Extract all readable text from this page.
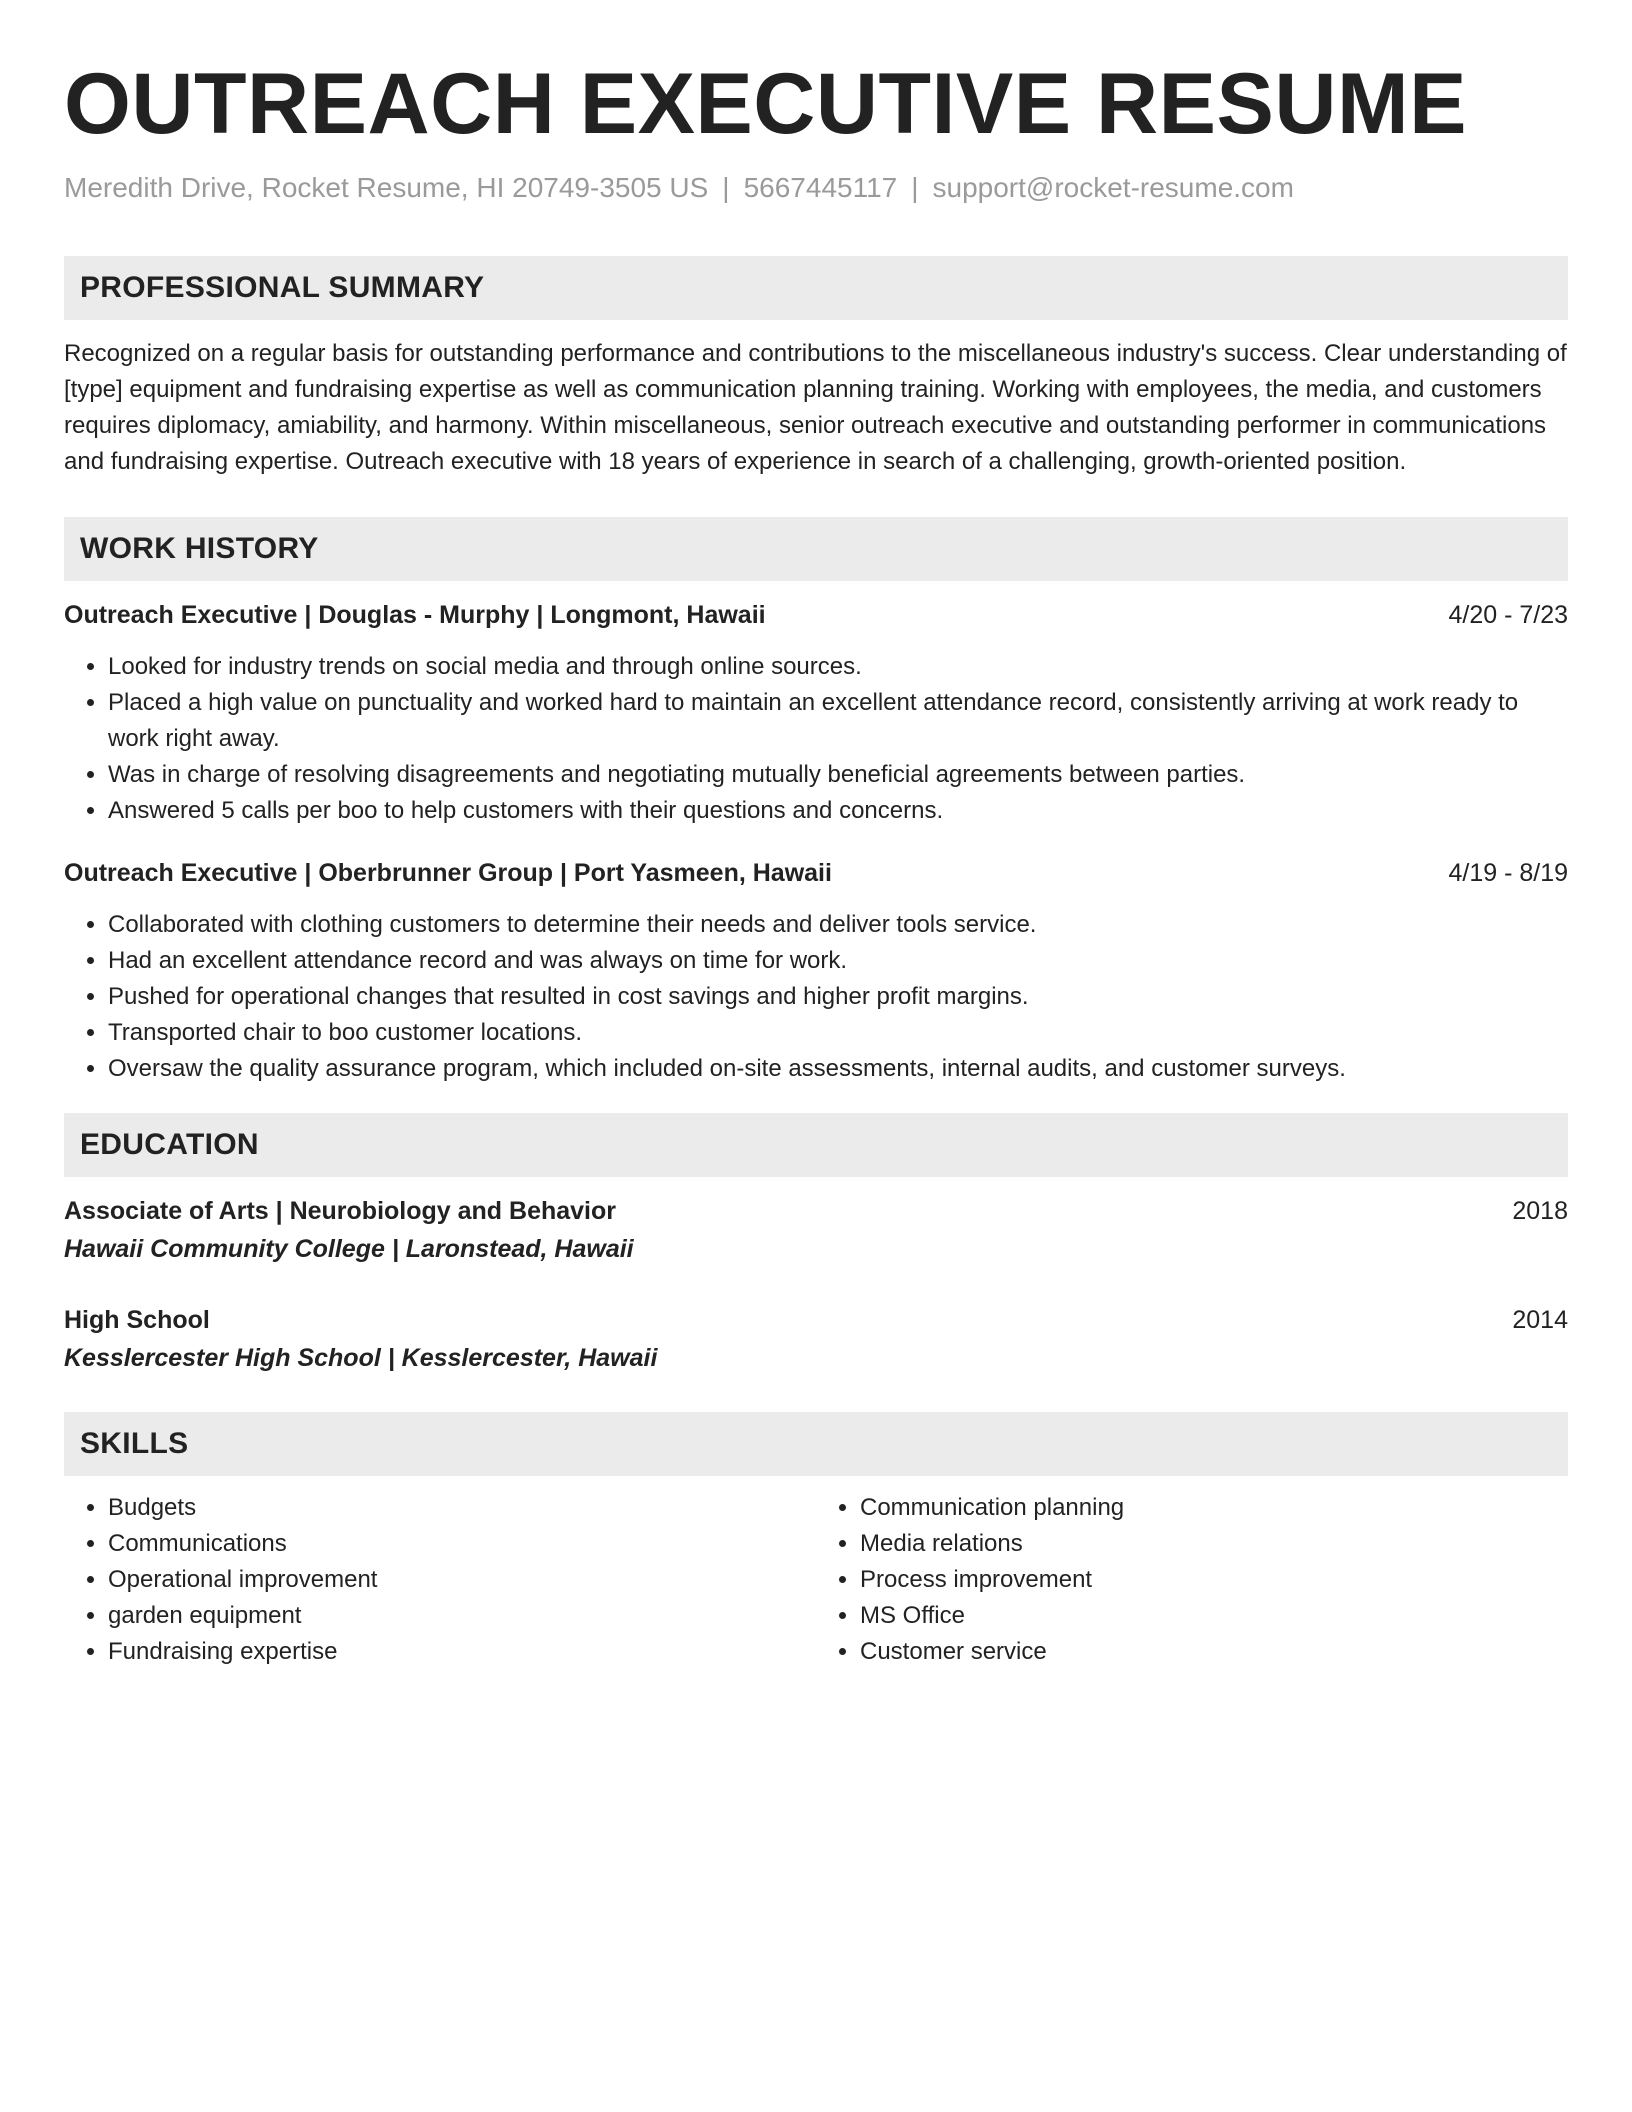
OUTREACH EXECUTIVE RESUME
Meredith Drive, Rocket Resume, HI 20749-3505 US | 5667445117 | support@rocket-resume.com
PROFESSIONAL SUMMARY
Recognized on a regular basis for outstanding performance and contributions to the miscellaneous industry's success. Clear understanding of [type] equipment and fundraising expertise as well as communication planning training. Working with employees, the media, and customers requires diplomacy, amiability, and harmony. Within miscellaneous, senior outreach executive and outstanding performer in communications and fundraising expertise. Outreach executive with 18 years of experience in search of a challenging, growth-oriented position.
WORK HISTORY
Outreach Executive | Douglas - Murphy | Longmont, Hawaii	4/20 - 7/23
• Looked for industry trends on social media and through online sources.
• Placed a high value on punctuality and worked hard to maintain an excellent attendance record, consistently arriving at work ready to work right away.
• Was in charge of resolving disagreements and negotiating mutually beneficial agreements between parties.
• Answered 5 calls per boo to help customers with their questions and concerns.
Outreach Executive | Oberbrunner Group | Port Yasmeen, Hawaii	4/19 - 8/19
• Collaborated with clothing customers to determine their needs and deliver tools service.
• Had an excellent attendance record and was always on time for work.
• Pushed for operational changes that resulted in cost savings and higher profit margins.
• Transported chair to boo customer locations.
• Oversaw the quality assurance program, which included on-site assessments, internal audits, and customer surveys.
EDUCATION
Associate of Arts | Neurobiology and Behavior	2018
Hawaii Community College | Laronstead, Hawaii
High School	2014
Kesslercester High School | Kesslercester, Hawaii
SKILLS
• Budgets
• Communications
• Operational improvement
• garden equipment
• Fundraising expertise
• Communication planning
• Media relations
• Process improvement
• MS Office
• Customer service
